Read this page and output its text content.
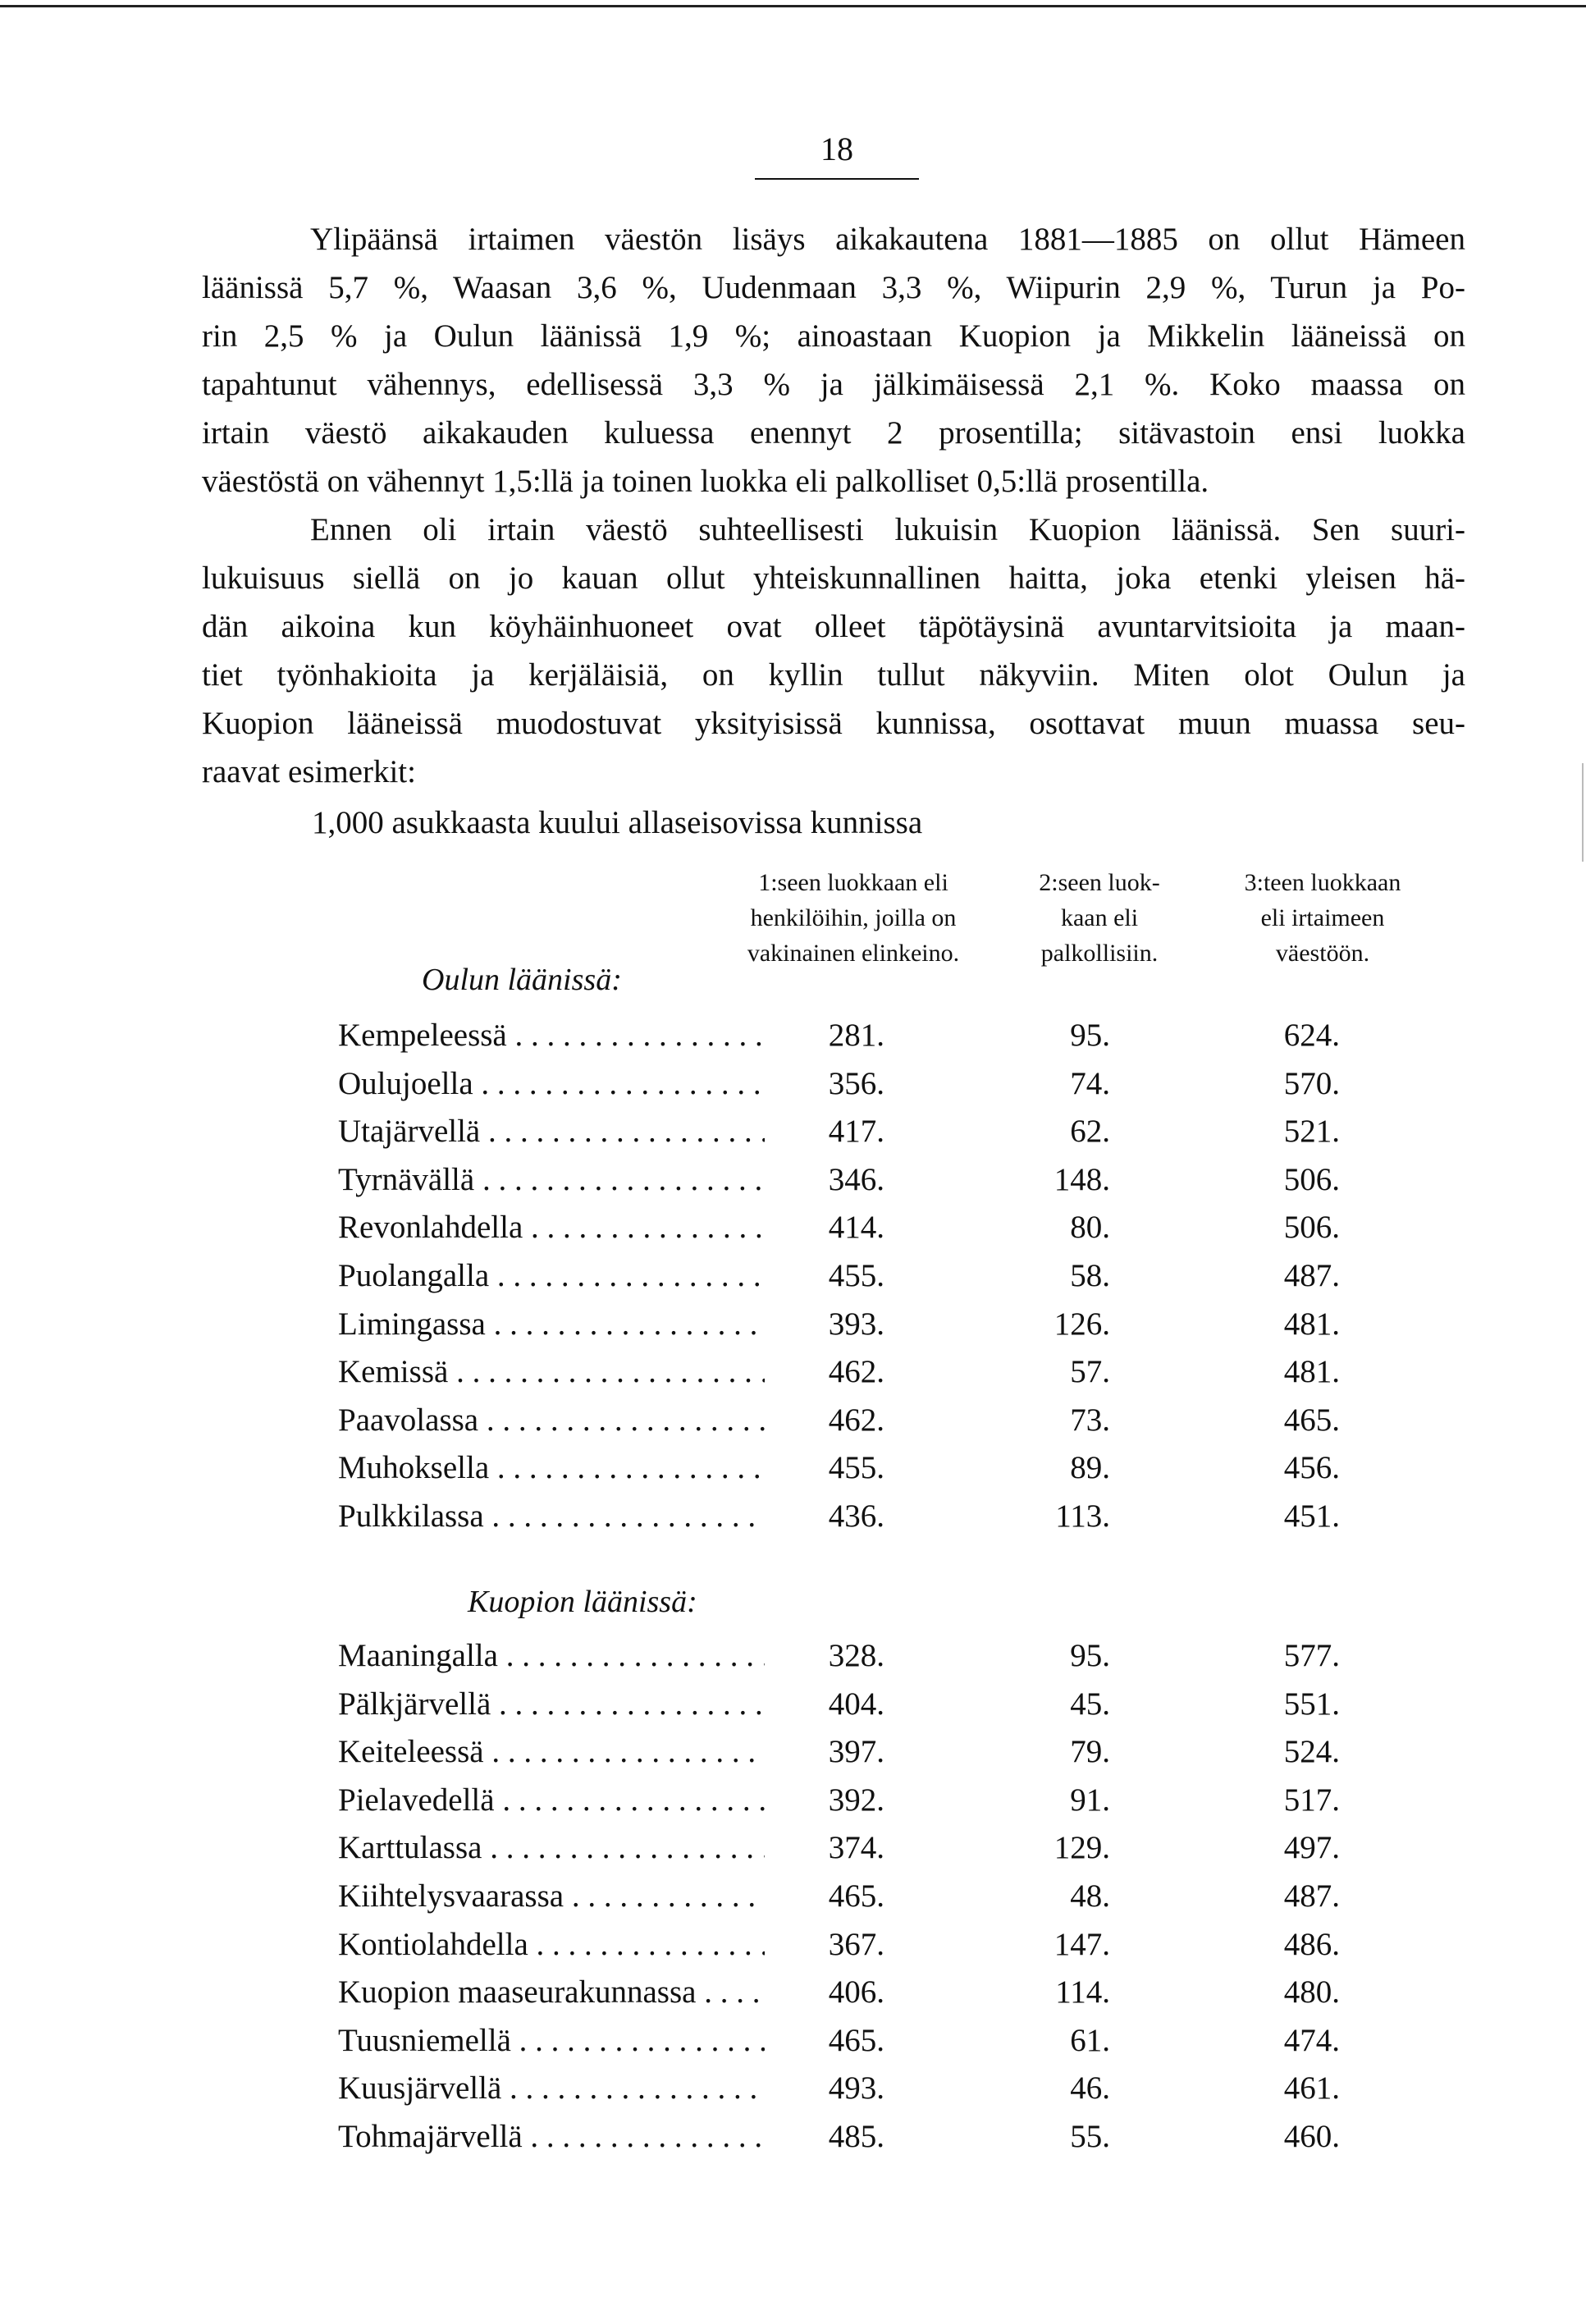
18
Ylipäänsä irtaimen väestön lisäys aikakautena 1881—1885 on ollut Hämeen
läänissä 5,7 %, Waasan 3,6 %, Uudenmaan 3,3 %, Wiipurin 2,9 %, Turun ja Po-
rin 2,5 % ja Oulun läänissä 1,9 %; ainoastaan Kuopion ja Mikkelin lääneissä on
tapahtunut vähennys, edellisessä 3,3 % ja jälkimäisessä 2,1 %. Koko maassa on
irtain väestö aikakauden kuluessa enennyt 2 prosentilla; sitävastoin ensi luokka
väestöstä on vähennyt 1,5:llä ja toinen luokka eli palkolliset 0,5:llä prosentilla.
Ennen oli irtain väestö suhteellisesti lukuisin Kuopion läänissä. Sen suuri-
lukuisuus siellä on jo kauan ollut yhteiskunnallinen haitta, joka etenki yleisen hä-
dän aikoina kun köyhäinhuoneet ovat olleet täpötäysinä avuntarvitsioita ja maan-
tiet työnhakioita ja kerjäläisiä, on kyllin tullut näkyviin. Miten olot Oulun ja
Kuopion lääneissä muodostuvat yksityisissä kunnissa, osottavat muun muassa seu-
raavat esimerkit:
1,000 asukkaasta kuului allaseisovissa kunnissa
1:seen luokkaan eli
henkilöihin, joilla on
vakinainen elinkeino.
2:seen luok-
kaan eli
palkollisiin.
3:teen luokkaan
eli irtaimeen
väestöön.
Oulun läänissä:
Kempeleessä . . .	281.	95.	624.
Oulujoella . . .	356.	74.	570.
Utajärvellä . . .	417.	62.	521.
Tyrnävällä . . .	346.	148.	506.
Revonlahdella . . .	414.	80.	506.
Puolangalla . . .	455.	58.	487.
Limingassa . . .	393.	126.	481.
Kemissä . . .	462.	57.	481.
Paavolassa . . .	462.	73.	465.
Muhoksella . . .	455.	89.	456.
Pulkkilassa . . .	436.	113.	451.
Kuopion läänissä:
Maaningalla . . .	328.	95.	577.
Pälkjärvellä . . .	404.	45.	551.
Keiteleessä . . .	397.	79.	524.
Pielavedellä . . .	392.	91.	517.
Karttulassa . . .	374.	129.	497.
Kiihtelysvaarassa . . .	465.	48.	487.
Kontiolahdella . . .	367.	147.	486.
Kuopion maaseurakunnassa . . .	406.	114.	480.
Tuusniemellä . . .	465.	61.	474.
Kuusjärvellä . . .	493.	46.	461.
Tohmajärvellä . . .	485.	55.	460.
